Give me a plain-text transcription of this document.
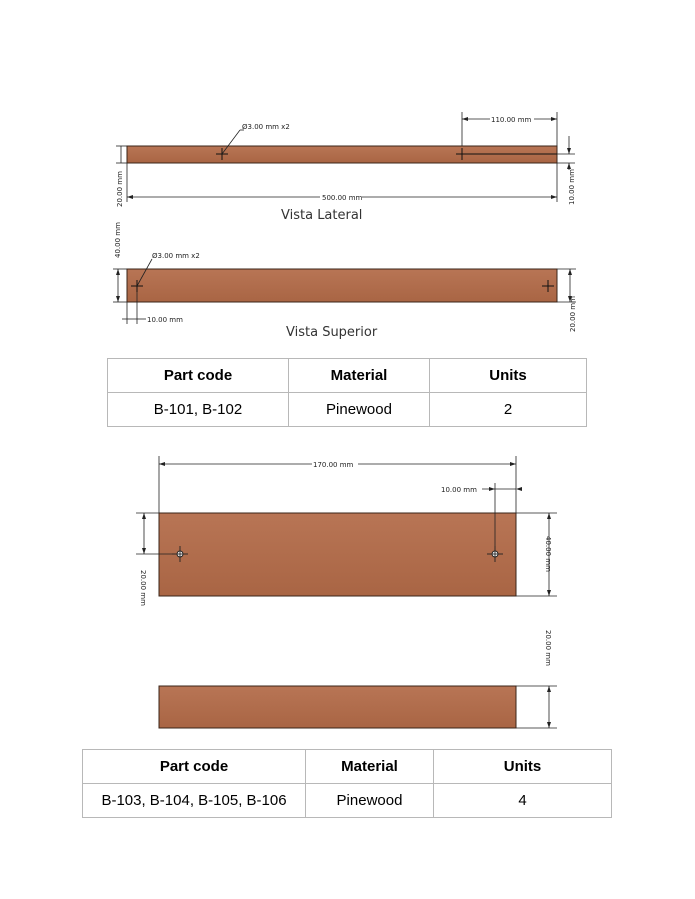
Ø3.00 mm x2
110.00 mm
500.00 mm
20.00 mm	10.00 mm
Vista Lateral
Ø3.00 mm x2
40.00 mm
10.00 mm	20.00 mm
Vista Superior
170.00 mm
10.00 mm
40.00 mm
20.00 mm
20.00 mm
Part code	Material	Units
B-101, B-102	Pinewood	2
Part code	Material	Units
B-103, B-104, B-105, B-106	Pinewood	4
